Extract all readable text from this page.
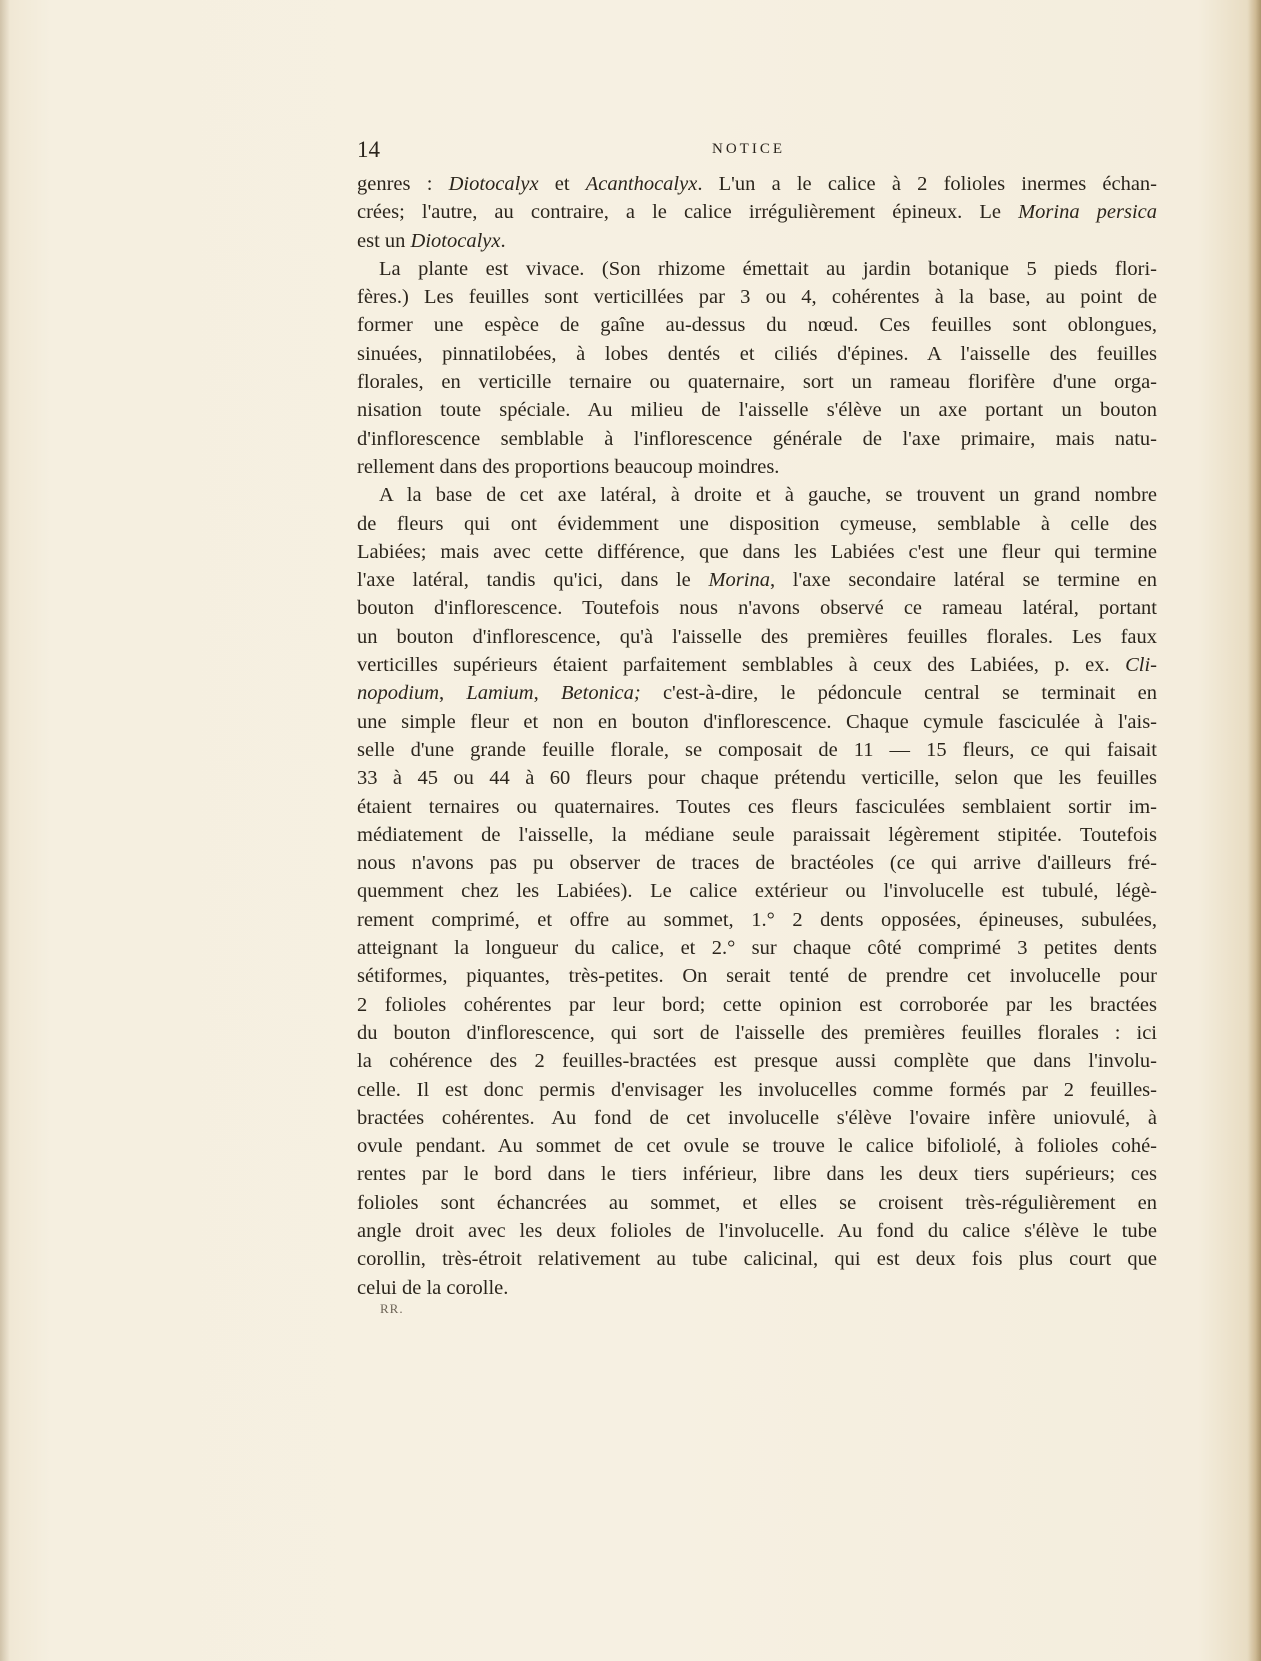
14	NOTICE

genres : Diotocalyx et Acanthocalyx. L'un a le calice à 2 folioles inermes échan-
crées; l'autre, au contraire, a le calice irrégulièrement épineux. Le Morina persica
est un Diotocalyx.

La plante est vivace. (Son rhizome émettait au jardin botanique 5 pieds flori-
fères.) Les feuilles sont verticillées par 3 ou 4, cohérentes à la base, au point de
former une espèce de gaîne au-dessus du nœud. Ces feuilles sont oblongues,
sinuées, pinnatilobées, à lobes dentés et ciliés d'épines. A l'aisselle des feuilles
florales, en verticille ternaire ou quaternaire, sort un rameau florifère d'une orga-
nisation toute spéciale. Au milieu de l'aisselle s'élève un axe portant un bouton
d'inflorescence semblable à l'inflorescence générale de l'axe primaire, mais natu-
rellement dans des proportions beaucoup moindres.

A la base de cet axe latéral, à droite et à gauche, se trouvent un grand nombre
de fleurs qui ont évidemment une disposition cymeuse, semblable à celle des
Labiées; mais avec cette différence, que dans les Labiées c'est une fleur qui termine
l'axe latéral, tandis qu'ici, dans le Morina, l'axe secondaire latéral se termine en
bouton d'inflorescence. Toutefois nous n'avons observé ce rameau latéral, portant
un bouton d'inflorescence, qu'à l'aisselle des premières feuilles florales. Les faux
verticilles supérieurs étaient parfaitement semblables à ceux des Labiées, p. ex. Cli-
nopodium, Lamium, Betonica; c'est-à-dire, le pédoncule central se terminait en
une simple fleur et non en bouton d'inflorescence. Chaque cymule fasciculée à l'ais-
selle d'une grande feuille florale, se composait de 11 — 15 fleurs, ce qui faisait
33 à 45 ou 44 à 60 fleurs pour chaque prétendu verticille, selon que les feuilles
étaient ternaires ou quaternaires. Toutes ces fleurs fasciculées semblaient sortir im-
médiatement de l'aisselle, la médiane seule paraissait légèrement stipitée. Toutefois
nous n'avons pas pu observer de traces de bractéoles (ce qui arrive d'ailleurs fré-
quemment chez les Labiées). Le calice extérieur ou l'involucelle est tubulé, légè-
rement comprimé, et offre au sommet, 1.° 2 dents opposées, épineuses, subulées,
atteignant la longueur du calice, et 2.° sur chaque côté comprimé 3 petites dents
sétiformes, piquantes, très-petites. On serait tenté de prendre cet involucelle pour
2 folioles cohérentes par leur bord; cette opinion est corroborée par les bractées
du bouton d'inflorescence, qui sort de l'aisselle des premières feuilles florales : ici
la cohérence des 2 feuilles-bractées est presque aussi complète que dans l'involu-
celle. Il est donc permis d'envisager les involucelles comme formés par 2 feuilles-
bractées cohérentes. Au fond de cet involucelle s'élève l'ovaire infère uniovulé, à
ovule pendant. Au sommet de cet ovule se trouve le calice bifoliolé, à folioles cohé-
rentes par le bord dans le tiers inférieur, libre dans les deux tiers supérieurs; ces
folioles sont échancrées au sommet, et elles se croisent très-régulièrement en
angle droit avec les deux folioles de l'involucelle. Au fond du calice s'élève le tube
corollin, très-étroit relativement au tube calicinal, qui est deux fois plus court que
celui de la corolle.

RR.
